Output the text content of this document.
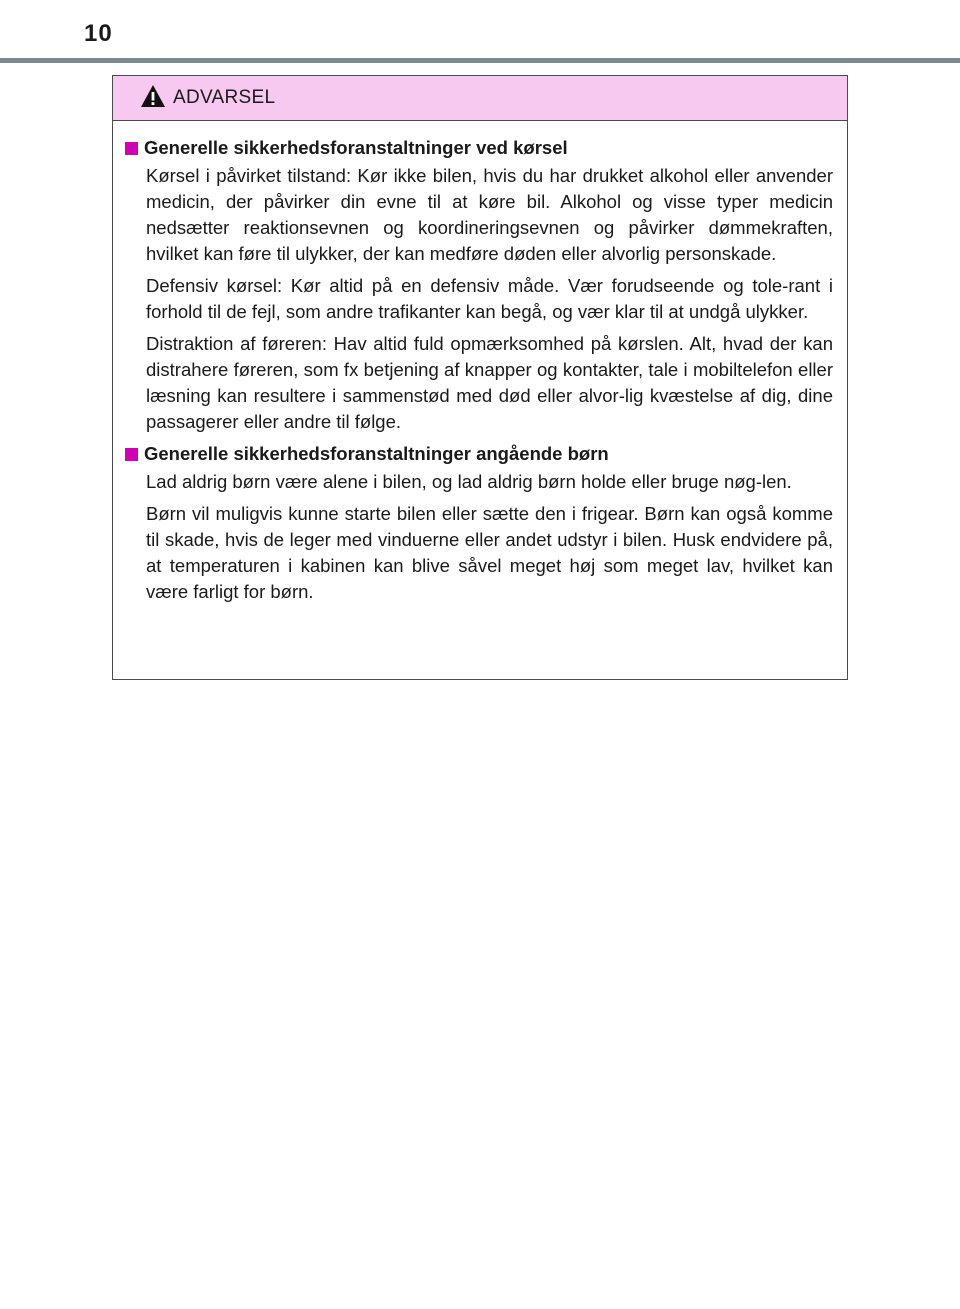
10
ADVARSEL
Generelle sikkerhedsforanstaltninger ved kørsel

Kørsel i påvirket tilstand: Kør ikke bilen, hvis du har drukket alkohol eller anvender medicin, der påvirker din evne til at køre bil. Alkohol og visse typer medicin nedsætter reaktionsevnen og koordineringsevnen og påvirker dømmekraften, hvilket kan føre til ulykker, der kan medføre døden eller alvorlig personskade.

Defensiv kørsel: Kør altid på en defensiv måde. Vær forudseende og tole-rant i forhold til de fejl, som andre trafikanter kan begå, og vær klar til at undgå ulykker.

Distraktion af føreren: Hav altid fuld opmærksomhed på kørslen. Alt, hvad der kan distrahere føreren, som fx betjening af knapper og kontakter, tale i mobiltelefon eller læsning kan resultere i sammenstød med død eller alvor-lig kvæstelse af dig, dine passagerer eller andre til følge.

Generelle sikkerhedsforanstaltninger angående børn

Lad aldrig børn være alene i bilen, og lad aldrig børn holde eller bruge nøg-len.

Børn vil muligvis kunne starte bilen eller sætte den i frigear. Børn kan også komme til skade, hvis de leger med vinduerne eller andet udstyr i bilen. Husk endvidere på, at temperaturen i kabinen kan blive såvel meget høj som meget lav, hvilket kan være farligt for børn.
